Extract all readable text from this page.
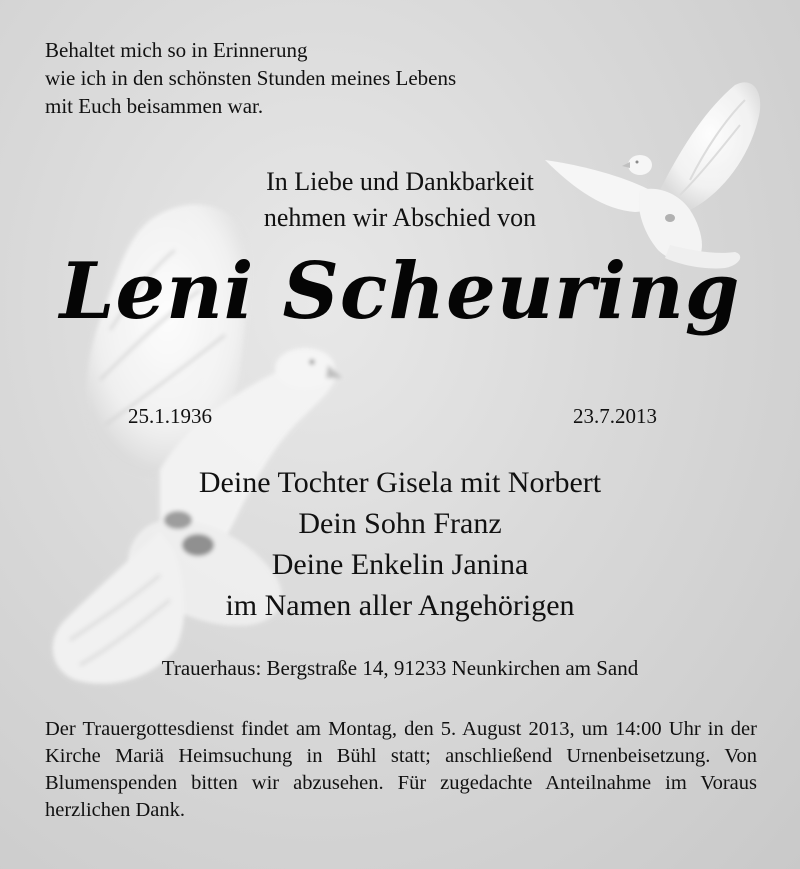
Behaltet mich so in Erinnerung
wie ich in den schönsten Stunden meines Lebens
mit Euch beisammen war.
In Liebe und Dankbarkeit
nehmen wir Abschied von
Leni Scheuring
25.1.1936	23.7.2013
Deine Tochter Gisela mit Norbert
Dein Sohn Franz
Deine Enkelin Janina
im Namen aller Angehörigen
Trauerhaus: Bergstraße 14, 91233 Neunkirchen am Sand

Der Trauergottesdienst findet am Montag, den 5. August 2013, um 14:00 Uhr in der Kirche Mariä Heimsuchung in Bühl statt; anschließend Urnenbeisetzung. Von Blumenspenden bitten wir abzusehen. Für zugedachte Anteilnahme im Voraus herzlichen Dank.
